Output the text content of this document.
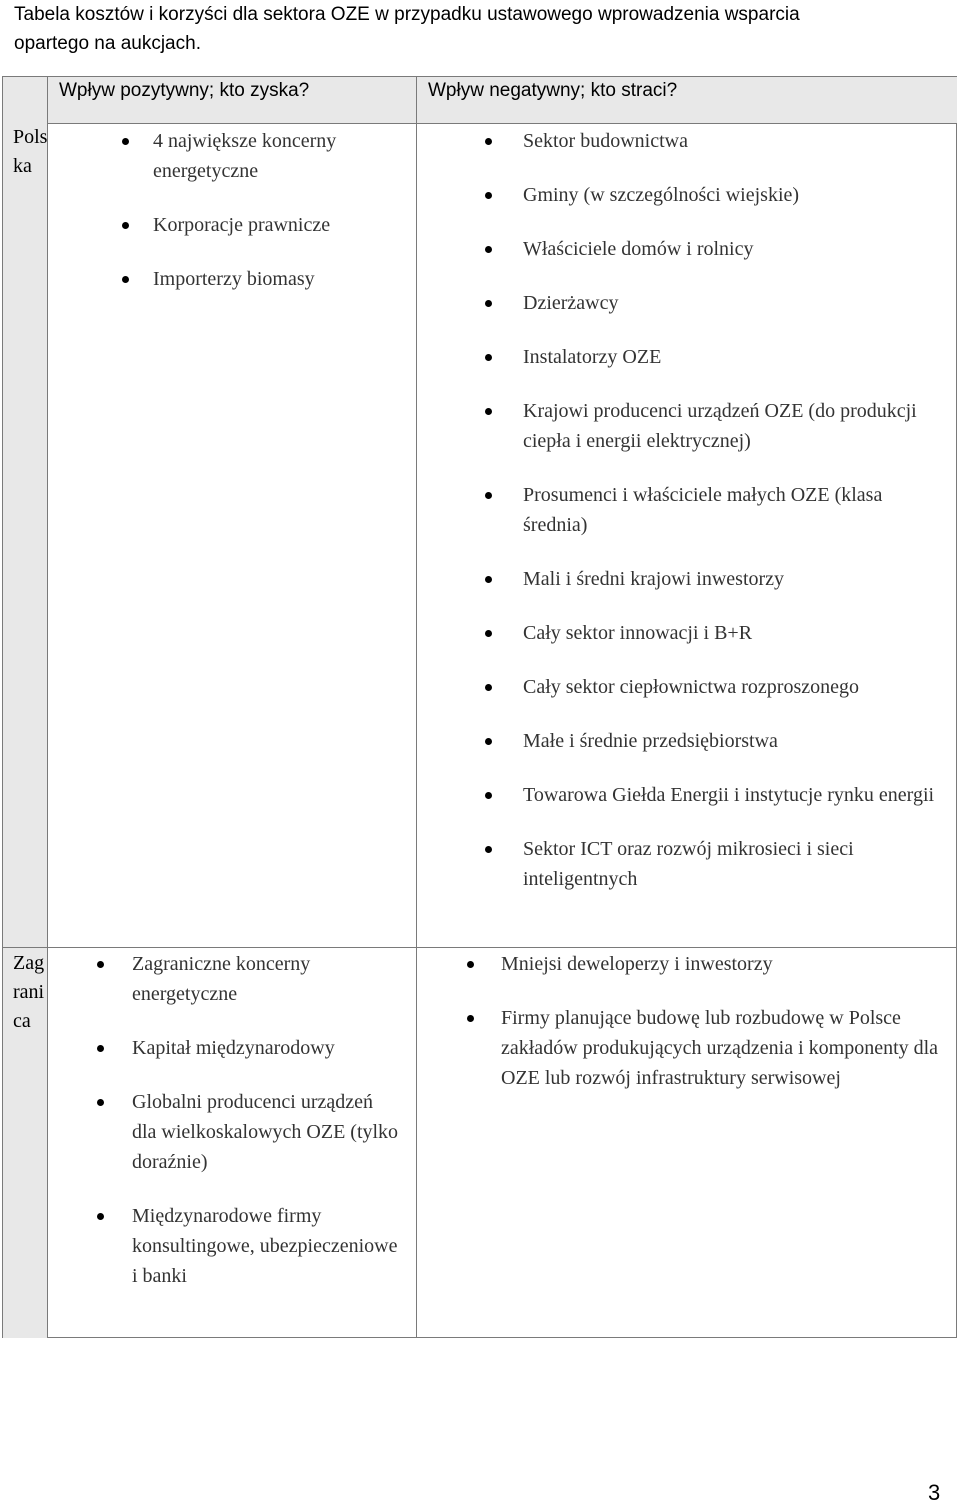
Tabela kosztów i korzyści dla sektora OZE w przypadku ustawowego wprowadzenia wsparcia
opartego na aukcjach.
Wpływ pozytywny; kto zyska?	Wpływ negatywny; kto straci?
Polska
Zagranica
4 największe koncerny energetyczne
Korporacje prawnicze
Importerzy biomasy
Sektor budownictwa
Gminy (w szczególności wiejskie)
Właściciele domów i rolnicy
Dzierżawcy
Instalatorzy OZE
Krajowi producenci urządzeń OZE (do produkcji ciepła i energii elektrycznej)
Prosumenci i właściciele małych OZE (klasa średnia)
Mali i średni krajowi inwestorzy
Cały sektor innowacji i B+R
Cały sektor ciepłownictwa rozproszonego
Małe i średnie przedsiębiorstwa
Towarowa Giełda Energii i instytucje rynku energii
Sektor ICT oraz rozwój mikrosieci i sieci inteligentnych
Zagraniczne koncerny energetyczne
Kapitał międzynarodowy
Globalni producenci urządzeń dla wielkoskalowych OZE (tylko doraźnie)
Międzynarodowe firmy konsultingowe, ubezpieczeniowe i banki
Mniejsi deweloperzy i inwestorzy
Firmy planujące budowę lub rozbudowę w Polsce zakładów produkujących urządzenia i komponenty dla OZE lub rozwój infrastruktury serwisowej
3
